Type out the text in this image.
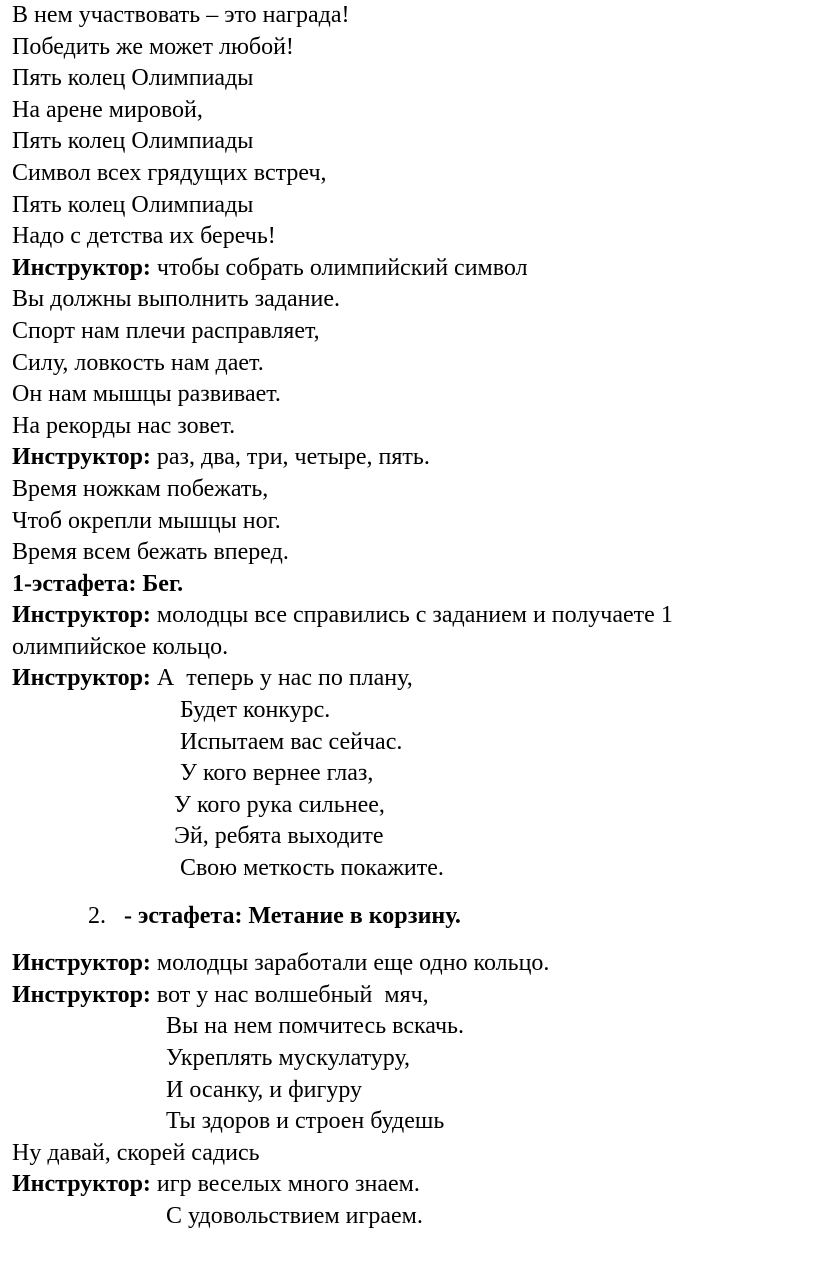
В нем участвовать – это награда!
Победить же может любой!
Пять колец Олимпиады
На арене мировой,
Пять колец Олимпиады
Символ всех грядущих встреч,
Пять колец Олимпиады
Надо с детства их беречь!
Инструктор: чтобы собрать олимпийский символ
Вы должны выполнить задание.
Спорт нам плечи расправляет,
Силу, ловкость нам дает.
Он нам мышцы развивает.
На рекорды нас зовет.
Инструктор: раз, два, три, четыре, пять.
Время ножкам побежать,
Чтоб окрепли мышцы ног.
Время всем бежать вперед.
1-эстафета: Бег.
Инструктор: молодцы все справились с заданием и получаете 1 олимпийское кольцо.
Инструктор: А  теперь у нас по плану,
Будет конкурс.
Испытаем вас сейчас.
У кого вернее глаз,
У кого рука сильнее,
Эй, ребята выходите
Свою меткость покажите.
2. - эстафета: Метание в корзину.
Инструктор: молодцы заработали еще одно кольцо.
Инструктор: вот у нас волшебный  мяч,
Вы на нем помчитесь вскачь.
Укреплять мускулатуру,
И осанку, и фигуру
Ты здоров и строен будешь
Ну давай, скорей садись
Инструктор: игр веселых много знаем.
С удовольствием играем.
